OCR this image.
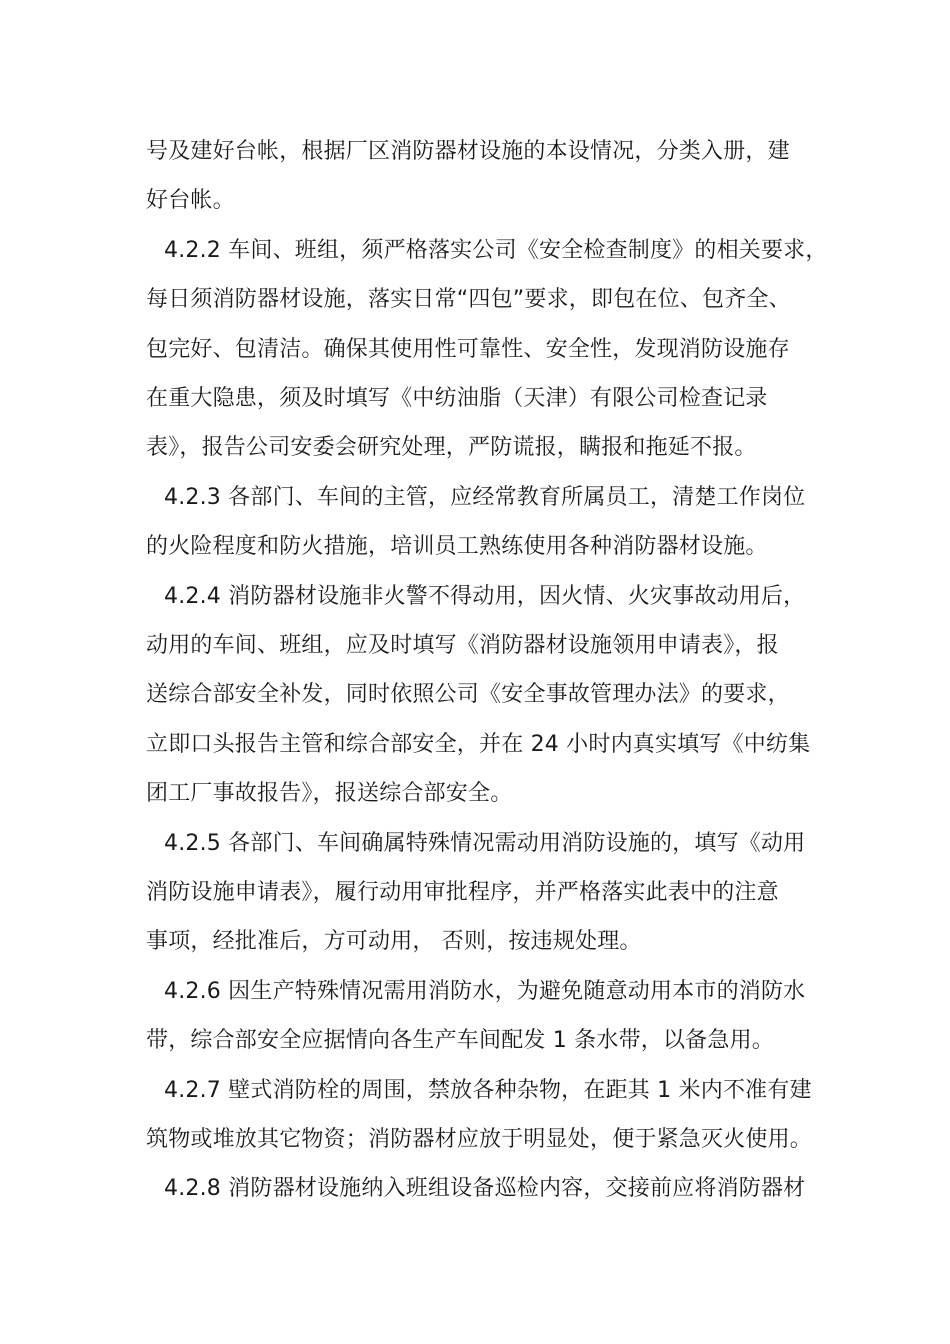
号及建好台帐，根据厂区消防器材设施的本设情况，分类入册，建
好台帐。
4.2.2 车间、班组，须严格落实公司《安全检查制度》的相关要求，
每日须消防器材设施，落实日常“四包”要求，即包在位、包齐全、
包完好、包清洁。确保其使用性可靠性、安全性，发现消防设施存
在重大隐患，须及时填写《中纺油脂（天津）有限公司检查记录
表》，报告公司安委会研究处理，严防谎报，瞒报和拖延不报。
4.2.3 各部门、车间的主管，应经常教育所属员工，清楚工作岗位
的火险程度和防火措施，培训员工熟练使用各种消防器材设施。
4.2.4 消防器材设施非火警不得动用，因火情、火灾事故动用后，
动用的车间、班组，应及时填写《消防器材设施领用申请表》，报
送综合部安全补发，同时依照公司《安全事故管理办法》的要求，
立即口头报告主管和综合部安全，并在 24 小时内真实填写《中纺集
团工厂事故报告》，报送综合部安全。
4.2.5 各部门、车间确属特殊情况需动用消防设施的，填写《动用
消防设施申请表》，履行动用审批程序，并严格落实此表中的注意
事项，经批准后，方可动用， 否则，按违规处理。
4.2.6 因生产特殊情况需用消防水，为避免随意动用本市的消防水
带，综合部安全应据情向各生产车间配发 1 条水带，以备急用。
4.2.7 壁式消防栓的周围，禁放各种杂物，在距其 1 米内不准有建
筑物或堆放其它物资；消防器材应放于明显处，便于紧急灭火使用。
4.2.8 消防器材设施纳入班组设备巡检内容，交接前应将消防器材
